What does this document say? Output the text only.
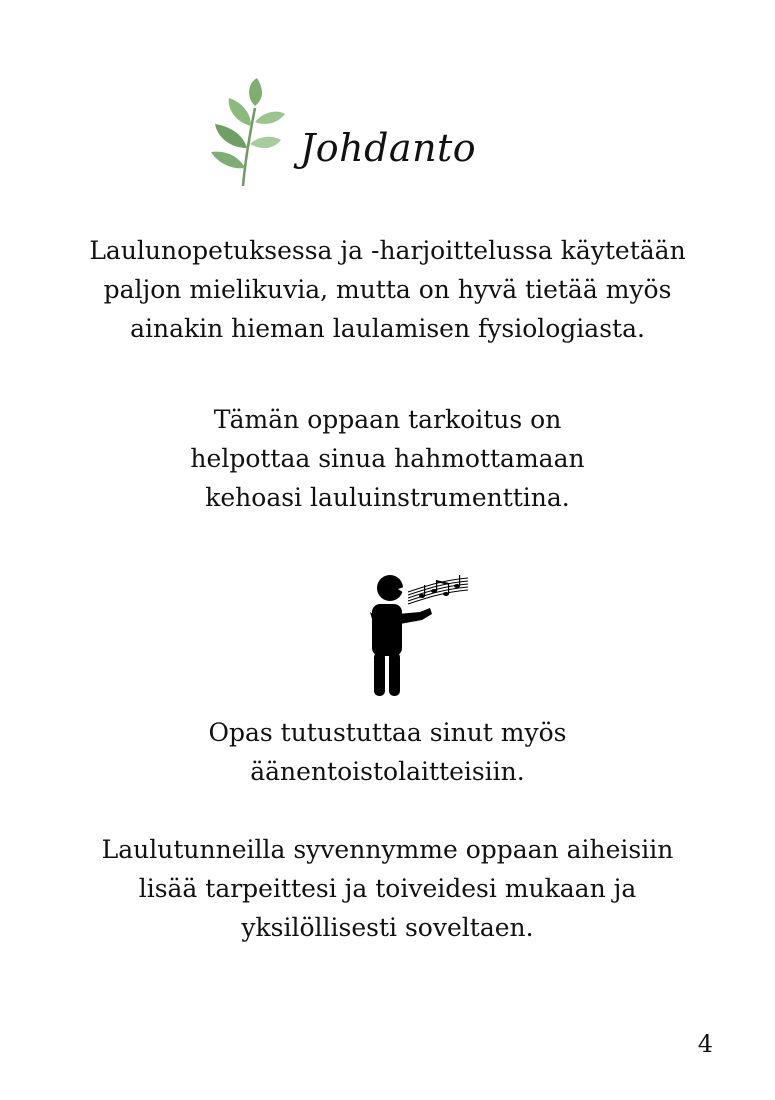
Johdanto

Laulunopetuksessa ja -harjoittelussa käytetään
paljon mielikuvia, mutta on hyvä tietää myös
ainakin hieman laulamisen fysiologiasta.

Tämän oppaan tarkoitus on
helpottaa sinua hahmottamaan
kehoasi lauluinstrumenttina.

Opas tutustuttaa sinut myös
äänentoistolaitteisiin.

Laulutunneilla syvennymme oppaan aiheisiin
lisää tarpeittesi ja toiveidesi mukaan ja
yksilöllisesti soveltaen.

4
